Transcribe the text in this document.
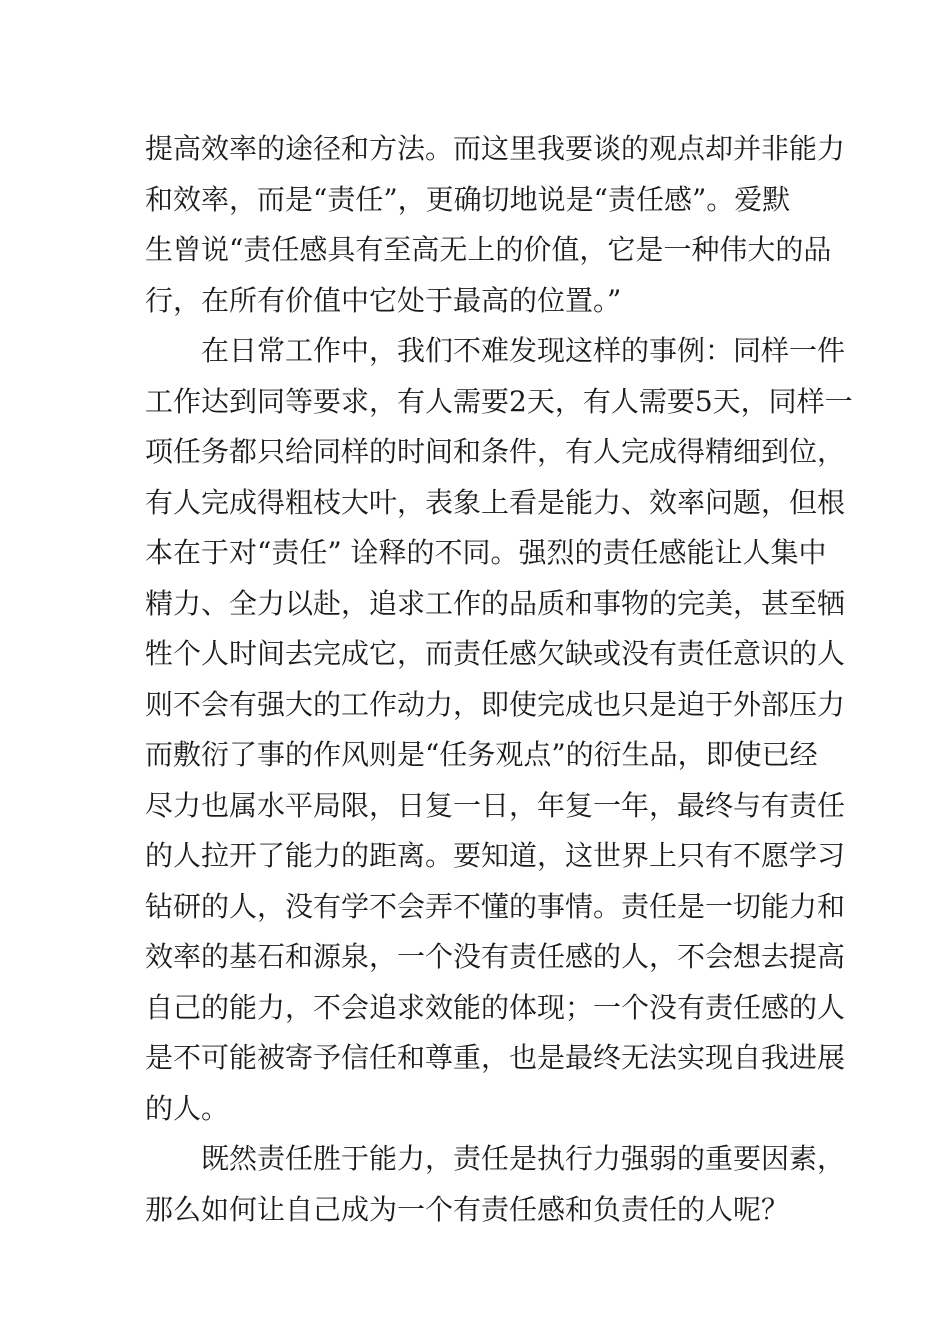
提高效率的途径和方法。而这里我要谈的观点却并非能力
和效率，而是“责任”，更确切地说是“责任感”。爱默
生曾说“责任感具有至高无上的价值，它是一种伟大的品
行，在所有价值中它处于最高的位置。”
在日常工作中，我们不难发现这样的事例：同样一件
工作达到同等要求，有人需要2天，有人需要5天，同样一
项任务都只给同样的时间和条件，有人完成得精细到位，
有人完成得粗枝大叶，表象上看是能力、效率问题，但根
本在于对“责任” 诠释的不同。强烈的责任感能让人集中
精力、全力以赴，追求工作的品质和事物的完美，甚至牺
牲个人时间去完成它，而责任感欠缺或没有责任意识的人
则不会有强大的工作动力，即使完成也只是迫于外部压力
而敷衍了事的作风则是“任务观点”的衍生品，即使已经
尽力也属水平局限，日复一日，年复一年，最终与有责任
的人拉开了能力的距离。要知道，这世界上只有不愿学习
钻研的人，没有学不会弄不懂的事情。责任是一切能力和
效率的基石和源泉，一个没有责任感的人，不会想去提高
自己的能力，不会追求效能的体现；一个没有责任感的人
是不可能被寄予信任和尊重，也是最终无法实现自我进展
的人。
既然责任胜于能力，责任是执行力强弱的重要因素，
那么如何让自己成为一个有责任感和负责任的人呢？
